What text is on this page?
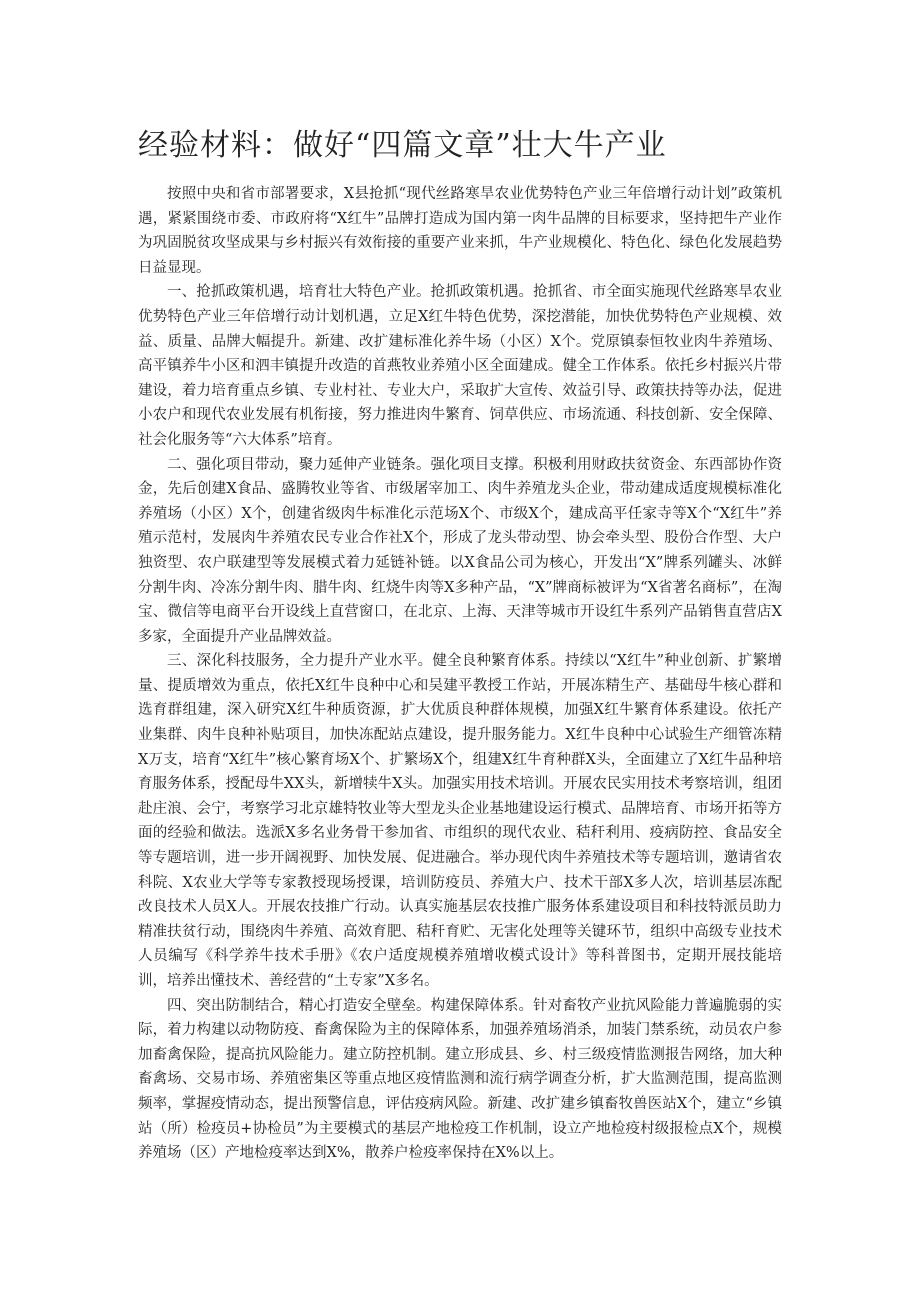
经验材料：做好“四篇文章”壮大牛产业

按照中央和省市部署要求，X县抢抓“现代丝路寒旱农业优势特色产业三年倍增行动计划”政策机遇，紧紧围绕市委、市政府将“X红牛”品牌打造成为国内第一肉牛品牌的目标要求，坚持把牛产业作为巩固脱贫攻坚成果与乡村振兴有效衔接的重要产业来抓，牛产业规模化、特色化、绿色化发展趋势日益显现。

一、抢抓政策机遇，培育壮大特色产业。抢抓政策机遇。抢抓省、市全面实施现代丝路寒旱农业优势特色产业三年倍增行动计划机遇，立足X红牛特色优势，深挖潜能，加快优势特色产业规模、效益、质量、品牌大幅提升。新建、改扩建标准化养牛场（小区）X个。党原镇泰恒牧业肉牛养殖场、高平镇养牛小区和泗丰镇提升改造的首燕牧业养殖小区全面建成。健全工作体系。依托乡村振兴片带建设，着力培育重点乡镇、专业村社、专业大户，采取扩大宣传、效益引导、政策扶持等办法，促进小农户和现代农业发展有机衔接，努力推进肉牛繁育、饲草供应、市场流通、科技创新、安全保障、社会化服务等“六大体系”培育。

二、强化项目带动，聚力延伸产业链条。强化项目支撑。积极利用财政扶贫资金、东西部协作资金，先后创建X食品、盛腾牧业等省、市级屠宰加工、肉牛养殖龙头企业，带动建成适度规模标准化养殖场（小区）X个，创建省级肉牛标准化示范场X个、市级X个，建成高平任家寺等X个“X红牛”养殖示范村，发展肉牛养殖农民专业合作社X个，形成了龙头带动型、协会牵头型、股份合作型、大户独资型、农户联建型等发展模式着力延链补链。以X食品公司为核心，开发出“X”牌系列罐头、冰鲜分割牛肉、冷冻分割牛肉、腊牛肉、红烧牛肉等X多种产品，“X”牌商标被评为“X省著名商标”，在淘宝、微信等电商平台开设线上直营窗口，在北京、上海、天津等城市开设红牛系列产品销售直营店X多家，全面提升产业品牌效益。

三、深化科技服务，全力提升产业水平。健全良种繁育体系。持续以“X红牛”种业创新、扩繁增量、提质增效为重点，依托X红牛良种中心和吴建平教授工作站，开展冻精生产、基础母牛核心群和选育群组建，深入研究X红牛种质资源，扩大优质良种群体规模，加强X红牛繁育体系建设。依托产业集群、肉牛良种补贴项目，加快冻配站点建设，提升服务能力。X红牛良种中心试验生产细管冻精X万支，培育“X红牛”核心繁育场X个、扩繁场X个，组建X红牛育种群X头，全面建立了X红牛品种培育服务体系，授配母牛XX头，新增犊牛X头。加强实用技术培训。开展农民实用技术考察培训，组团赴庄浪、会宁，考察学习北京雄特牧业等大型龙头企业基地建设运行模式、品牌培育、市场开拓等方面的经验和做法。选派X多名业务骨干参加省、市组织的现代农业、秸秆利用、疫病防控、食品安全等专题培训，进一步开阔视野、加快发展、促进融合。举办现代肉牛养殖技术等专题培训，邀请省农科院、X农业大学等专家教授现场授课，培训防疫员、养殖大户、技术干部X多人次，培训基层冻配改良技术人员X人。开展农技推广行动。认真实施基层农技推广服务体系建设项目和科技特派员助力精准扶贫行动，围绕肉牛养殖、高效育肥、秸秆育贮、无害化处理等关键环节，组织中高级专业技术人员编写《科学养牛技术手册》《农户适度规模养殖增收模式设计》等科普图书，定期开展技能培训，培养出懂技术、善经营的“土专家”X多名。

四、突出防制结合，精心打造安全壁垒。构建保障体系。针对畜牧产业抗风险能力普遍脆弱的实际，着力构建以动物防疫、畜禽保险为主的保障体系，加强养殖场消杀，加装门禁系统，动员农户参加畜禽保险，提高抗风险能力。建立防控机制。建立形成县、乡、村三级疫情监测报告网络，加大种畜禽场、交易市场、养殖密集区等重点地区疫情监测和流行病学调查分析，扩大监测范围，提高监测频率，掌握疫情动态，提出预警信息，评估疫病风险。新建、改扩建乡镇畜牧兽医站X个，建立“乡镇站（所）检疫员+协检员”为主要模式的基层产地检疫工作机制，设立产地检疫村级报检点X个，规模养殖场（区）产地检疫率达到X%，散养户检疫率保持在X%以上。
